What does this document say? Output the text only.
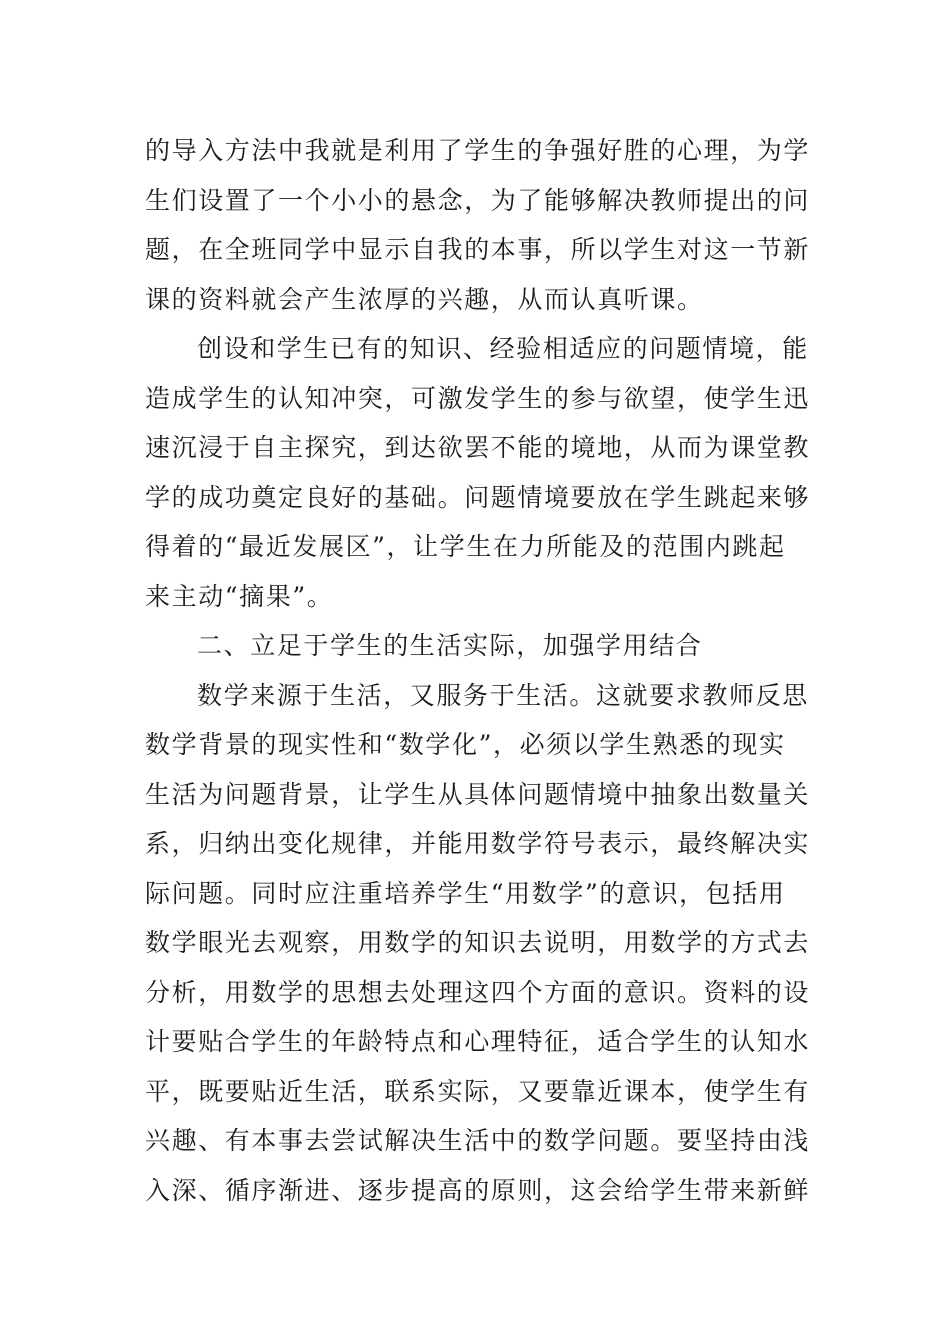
的导入方法中我就是利用了学生的争强好胜的心理，为学
生们设置了一个小小的悬念，为了能够解决教师提出的问
题，在全班同学中显示自我的本事，所以学生对这一节新
课的资料就会产生浓厚的兴趣，从而认真听课。
创设和学生已有的知识、经验相适应的问题情境，能
造成学生的认知冲突，可激发学生的参与欲望，使学生迅
速沉浸于自主探究，到达欲罢不能的境地，从而为课堂教
学的成功奠定良好的基础。问题情境要放在学生跳起来够
得着的“最近发展区”，让学生在力所能及的范围内跳起
来主动“摘果”。
二、立足于学生的生活实际，加强学用结合
数学来源于生活，又服务于生活。这就要求教师反思
数学背景的现实性和“数学化”，必须以学生熟悉的现实
生活为问题背景，让学生从具体问题情境中抽象出数量关
系，归纳出变化规律，并能用数学符号表示，最终解决实
际问题。同时应注重培养学生“用数学”的意识，包括用
数学眼光去观察，用数学的知识去说明，用数学的方式去
分析，用数学的思想去处理这四个方面的意识。资料的设
计要贴合学生的年龄特点和心理特征，适合学生的认知水
平，既要贴近生活，联系实际，又要靠近课本，使学生有
兴趣、有本事去尝试解决生活中的数学问题。要坚持由浅
入深、循序渐进、逐步提高的原则，这会给学生带来新鲜
